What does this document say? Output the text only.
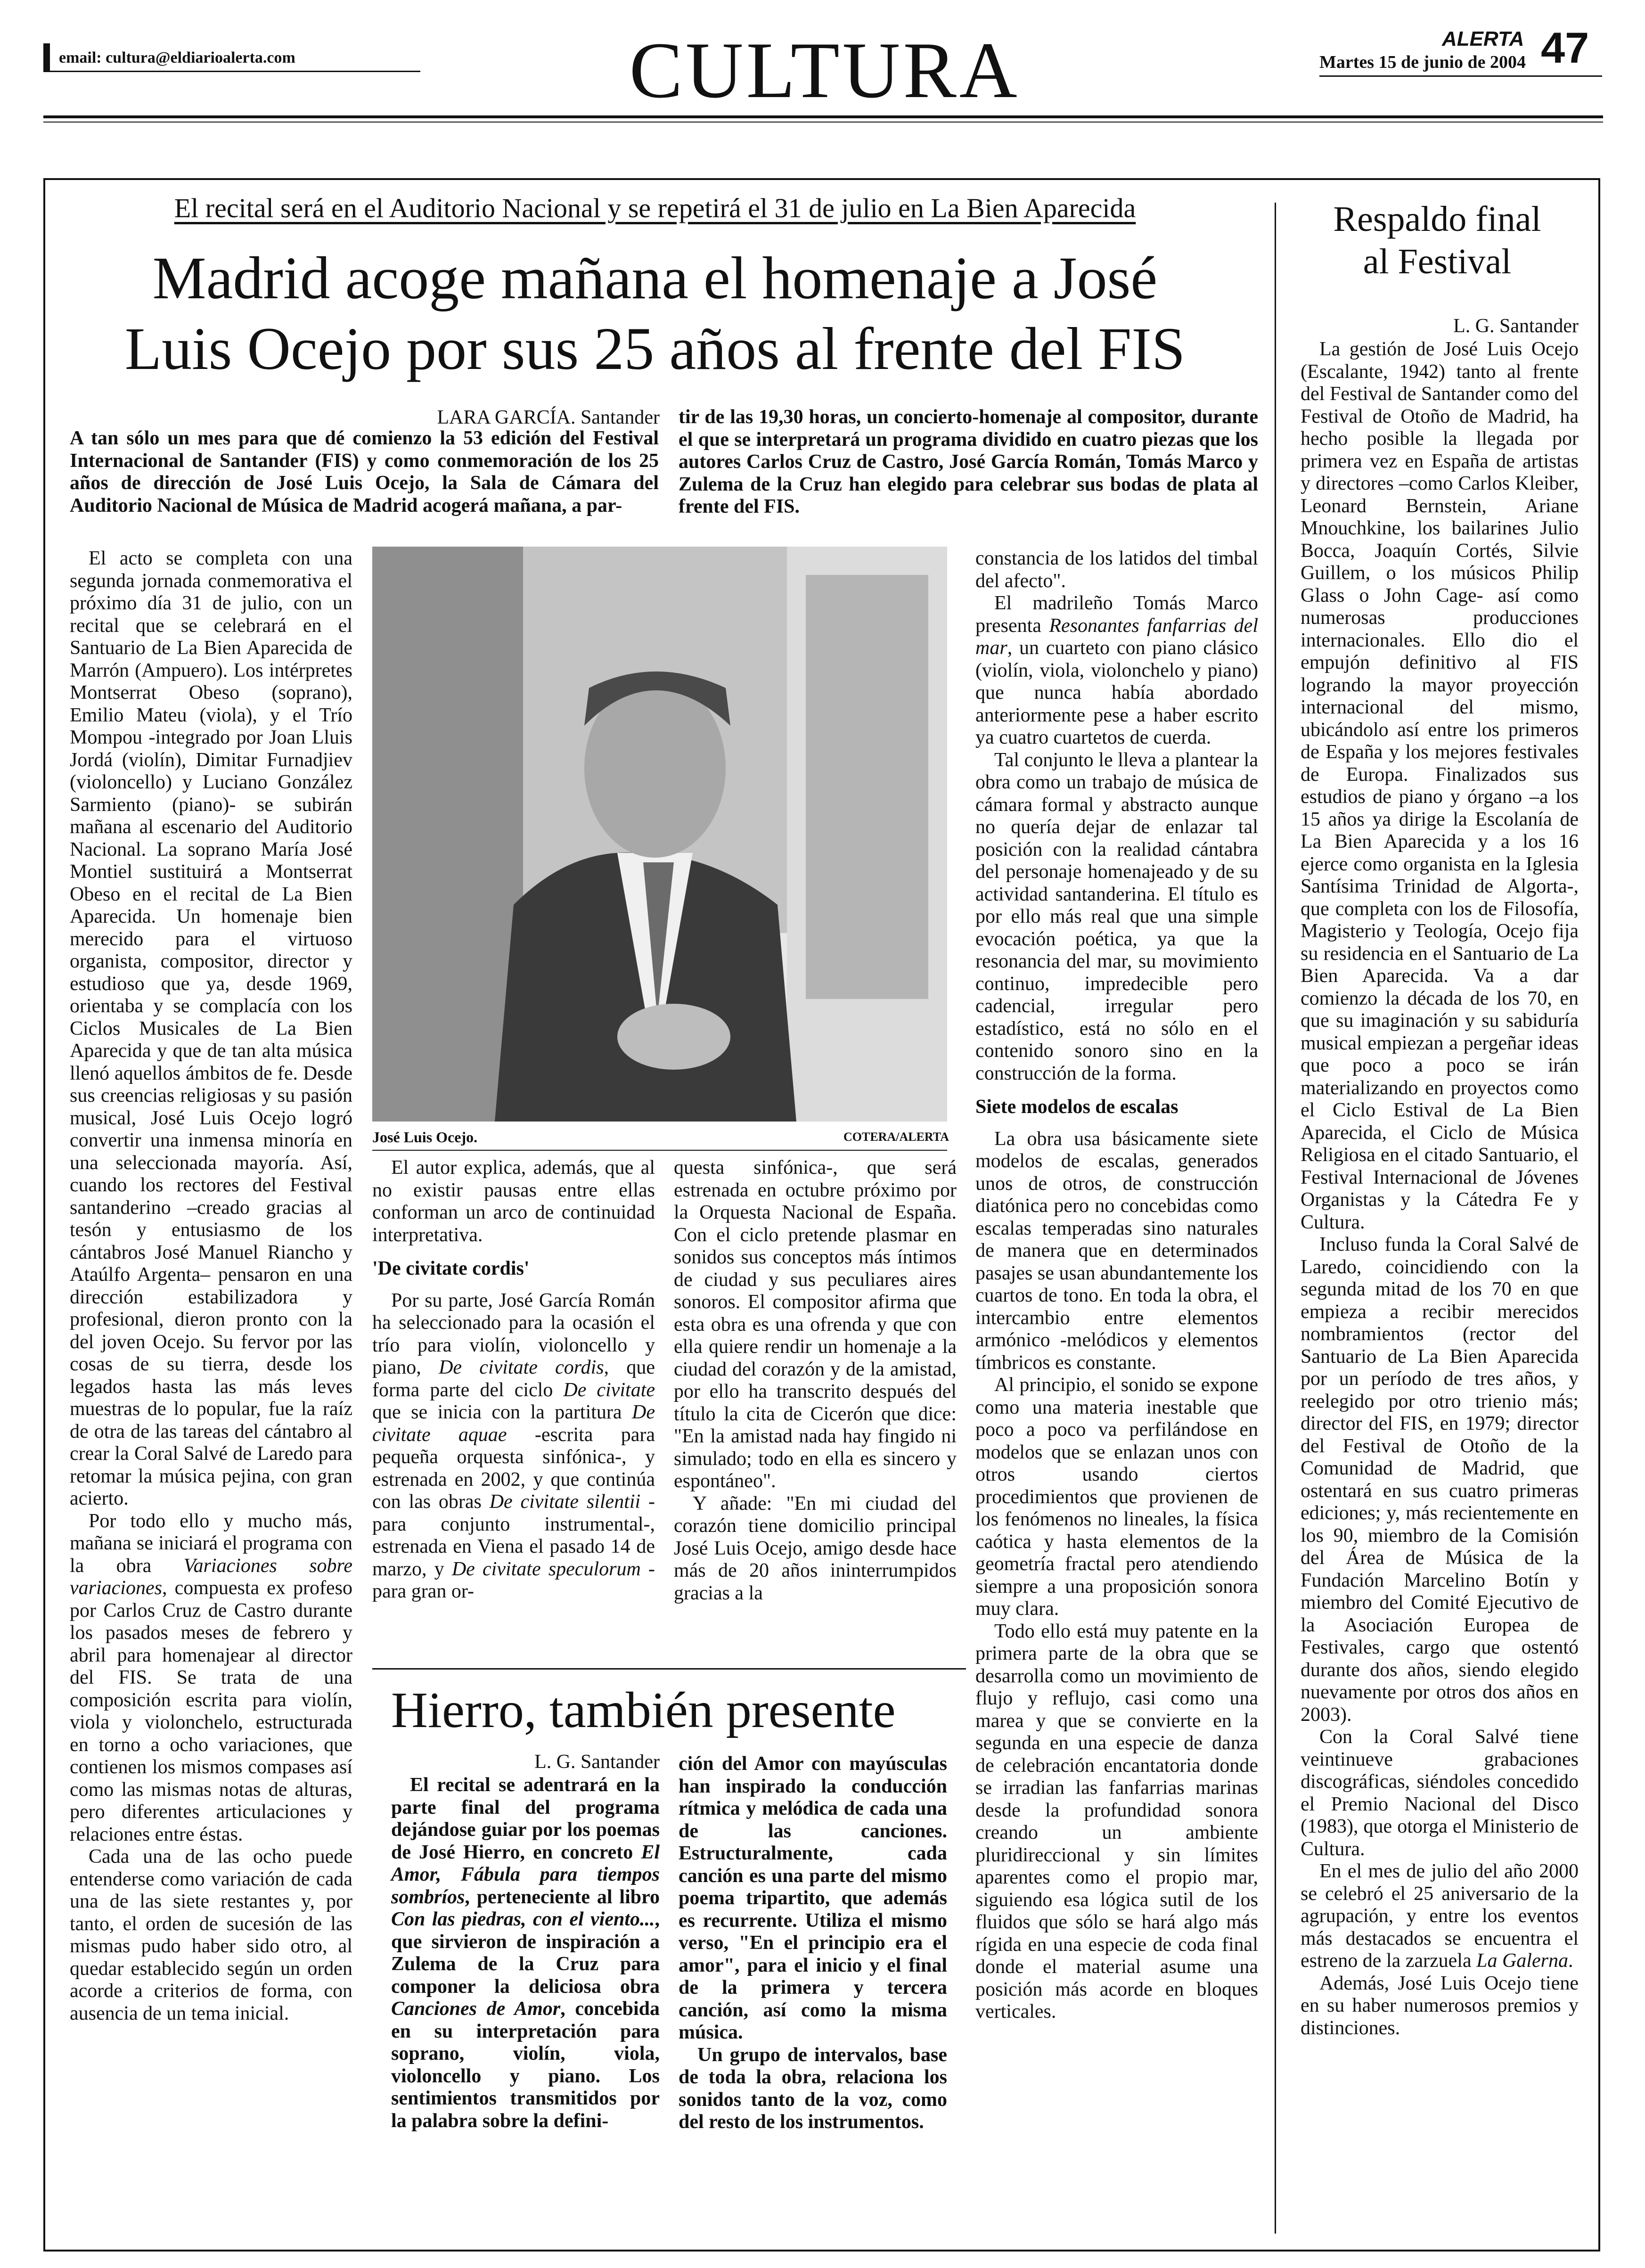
email: cultura@eldiarioalerta.com	CULTURA	ALERTA
Martes 15 de junio de 2004 47
El recital será en el Auditorio Nacional y se repetirá el 31 de julio en La Bien Aparecida
Madrid acoge mañana el homenaje a José
Luis Ocejo por sus 25 años al frente del FIS
LARA GARCÍA. Santander
A tan sólo un mes para que dé comienzo la 53 edición del Festival Internacional de Santander (FIS) y como conmemoración de los 25 años de dirección de José Luis Ocejo, la Sala de Cámara del Auditorio Nacional de Música de Madrid acogerá mañana, a par-
tir de las 19,30 horas, un concierto-homenaje al compositor, durante el que se interpretará un programa dividido en cuatro piezas que los autores Carlos Cruz de Castro, José García Román, Tomás Marco y Zulema de la Cruz han elegido para celebrar sus bodas de plata al frente del FIS.

El acto se completa con una segunda jornada conmemorativa el próximo día 31 de julio, con un recital que se celebrará en el Santuario de La Bien Aparecida de Marrón (Ampuero). Los intérpretes Montserrat Obeso (soprano), Emilio Mateu (viola), y el Trío Mompou -integrado por Joan Lluis Jordá (violín), Dimitar Furnadjiev (violoncello) y Luciano González Sarmiento (piano)- se subirán mañana al escenario del Auditorio Nacional. La soprano María José Montiel sustituirá a Montserrat Obeso en el recital de La Bien Aparecida. Un homenaje bien merecido para el virtuoso organista, compositor, director y estudioso que ya, desde 1969, orientaba y se complacía con los Ciclos Musicales de La Bien Aparecida y que de tan alta música llenó aquellos ámbitos de fe. Desde sus creencias religiosas y su pasión musical, José Luis Ocejo logró convertir una inmensa minoría en una seleccionada mayoría. Así, cuando los rectores del Festival santanderino –creado gracias al tesón y entusiasmo de los cántabros José Manuel Riancho y Ataúlfo Argenta– pensaron en una dirección estabilizadora y profesional, dieron pronto con la del joven Ocejo. Su fervor por las cosas de su tierra, desde los legados hasta las más leves muestras de lo popular, fue la raíz de otra de las tareas del cántabro al crear la Coral Salvé de Laredo para retomar la música pejina, con gran acierto.

Por todo ello y mucho más, mañana se iniciará el programa con la obra Variaciones sobre variaciones, compuesta ex profeso por Carlos Cruz de Castro durante los pasados meses de febrero y abril para homenajear al director del FIS. Se trata de una composición escrita para violín, viola y violonchelo, estructurada en torno a ocho variaciones, que contienen los mismos compases así como las mismas notas de alturas, pero diferentes articulaciones y relaciones entre éstas.

Cada una de las ocho puede entenderse como variación de cada una de las siete restantes y, por tanto, el orden de sucesión de las mismas pudo haber sido otro, al quedar establecido según un orden acorde a criterios de forma, con ausencia de un tema inicial.

José Luis Ocejo.	COTERA/ALERTA

El autor explica, además, que al no existir pausas entre ellas conforman un arco de continuidad interpretativa.

'De civitate cordis'

Por su parte, José García Román ha seleccionado para la ocasión el trío para violín, violoncello y piano, De civitate cordis, que forma parte del ciclo De civitate que se inicia con la partitura De civitate aquae -escrita para pequeña orquesta sinfónica-, y estrenada en 2002, y que continúa con las obras De civitate silentii -para conjunto instrumental-, estrenada en Viena el pasado 14 de marzo, y De civitate speculorum -para gran or-

questa sinfónica-, que será estrenada en octubre próximo por la Orquesta Nacional de España. Con el ciclo pretende plasmar en sonidos sus conceptos más íntimos de ciudad y sus peculiares aires sonoros. El compositor afirma que esta obra es una ofrenda y que con ella quiere rendir un homenaje a la ciudad del corazón y de la amistad, por ello ha transcrito después del título la cita de Cicerón que dice: "En la amistad nada hay fingido ni simulado; todo en ella es sincero y espontáneo".

Y añade: "En mi ciudad del corazón tiene domicilio principal José Luis Ocejo, amigo desde hace más de 20 años ininterrumpidos gracias a la

constancia de los latidos del timbal del afecto".

El madrileño Tomás Marco presenta Resonantes fanfarrias del mar, un cuarteto con piano clásico (violín, viola, violonchelo y piano) que nunca había abordado anteriormente pese a haber escrito ya cuatro cuartetos de cuerda.

Tal conjunto le lleva a plantear la obra como un trabajo de música de cámara formal y abstracto aunque no quería dejar de enlazar tal posición con la realidad cántabra del personaje homenajeado y de su actividad santanderina. El título es por ello más real que una simple evocación poética, ya que la resonancia del mar, su movimiento continuo, impredecible pero cadencial, irregular pero estadístico, está no sólo en el contenido sonoro sino en la construcción de la forma.

Siete modelos de escalas

La obra usa básicamente siete modelos de escalas, generados unos de otros, de construcción diatónica pero no concebidas como escalas temperadas sino naturales de manera que en determinados pasajes se usan abundantemente los cuartos de tono. En toda la obra, el intercambio entre elementos armónico -melódicos y elementos tímbricos es constante.

Al principio, el sonido se expone como una materia inestable que poco a poco va perfilándose en modelos que se enlazan unos con otros usando ciertos procedimientos que provienen de los fenómenos no lineales, la física caótica y hasta elementos de la geometría fractal pero atendiendo siempre a una proposición sonora muy clara.

Todo ello está muy patente en la primera parte de la obra que se desarrolla como un movimiento de flujo y reflujo, casi como una marea y que se convierte en la segunda en una especie de danza de celebración encantatoria donde se irradian las fanfarrias marinas desde la profundidad sonora creando un ambiente pluridireccional y sin límites aparentes como el propio mar, siguiendo esa lógica sutil de los fluidos que sólo se hará algo más rígida en una especie de coda final donde el material asume una posición más acorde en bloques verticales.

Hierro, también presente
L. G. Santander

El recital se adentrará en la parte final del programa dejándose guiar por los poemas de José Hierro, en concreto El Amor, Fábula para tiempos sombríos, perteneciente al libro Con las piedras, con el viento..., que sirvieron de inspiración a Zulema de la Cruz para componer la deliciosa obra Canciones de Amor, concebida en su interpretación para soprano, violín, viola, violoncello y piano. Los sentimientos transmitidos por la palabra sobre la defini-

ción del Amor con mayúsculas han inspirado la conducción rítmica y melódica de cada una de las canciones. Estructuralmente, cada canción es una parte del mismo poema tripartito, que además es recurrente. Utiliza el mismo verso, "En el principio era el amor", para el inicio y el final de la primera y tercera canción, así como la misma música.

Un grupo de intervalos, base de toda la obra, relaciona los sonidos tanto de la voz, como del resto de los instrumentos.

Respaldo final
al Festival
L. G. Santander

La gestión de José Luis Ocejo (Escalante, 1942) tanto al frente del Festival de Santander como del Festival de Otoño de Madrid, ha hecho posible la llegada por primera vez en España de artistas y directores –como Carlos Kleiber, Leonard Bernstein, Ariane Mnouchkine, los bailarines Julio Bocca, Joaquín Cortés, Silvie Guillem, o los músicos Philip Glass o John Cage- así como numerosas producciones internacionales. Ello dio el empujón definitivo al FIS logrando la mayor proyección internacional del mismo, ubicándolo así entre los primeros de España y los mejores festivales de Europa. Finalizados sus estudios de piano y órgano –a los 15 años ya dirige la Escolanía de La Bien Aparecida y a los 16 ejerce como organista en la Iglesia Santísima Trinidad de Algorta-, que completa con los de Filosofía, Magisterio y Teología, Ocejo fija su residencia en el Santuario de La Bien Aparecida. Va a dar comienzo la década de los 70, en que su imaginación y su sabiduría musical empiezan a pergeñar ideas que poco a poco se irán materializando en proyectos como el Ciclo Estival de La Bien Aparecida, el Ciclo de Música Religiosa en el citado Santuario, el Festival Internacional de Jóvenes Organistas y la Cátedra Fe y Cultura.

Incluso funda la Coral Salvé de Laredo, coincidiendo con la segunda mitad de los 70 en que empieza a recibir merecidos nombramientos (rector del Santuario de La Bien Aparecida por un período de tres años, y reelegido por otro trienio más; director del FIS, en 1979; director del Festival de Otoño de la Comunidad de Madrid, que ostentará en sus cuatro primeras ediciones; y, más recientemente en los 90, miembro de la Comisión del Área de Música de la Fundación Marcelino Botín y miembro del Comité Ejecutivo de la Asociación Europea de Festivales, cargo que ostentó durante dos años, siendo elegido nuevamente por otros dos años en 2003).

Con la Coral Salvé tiene veintinueve grabaciones discográficas, siéndoles concedido el Premio Nacional del Disco (1983), que otorga el Ministerio de Cultura.

En el mes de julio del año 2000 se celebró el 25 aniversario de la agrupación, y entre los eventos más destacados se encuentra el estreno de la zarzuela La Galerna.

Además, José Luis Ocejo tiene en su haber numerosos premios y distinciones.
